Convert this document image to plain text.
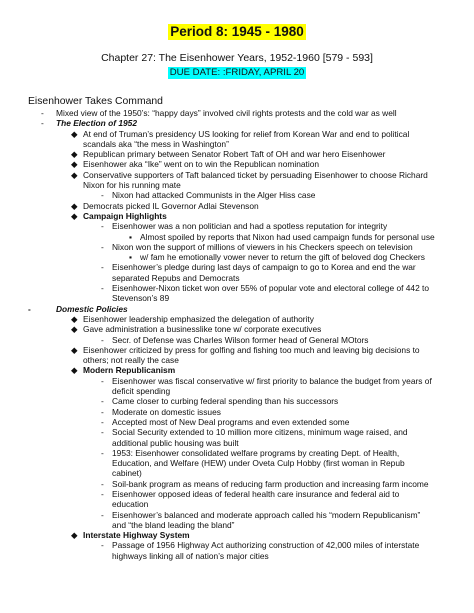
Period 8: 1945 - 1980
Chapter 27: The Eisenhower Years, 1952-1960 [579 - 593]
DUE DATE: :FRIDAY, APRIL 20
Eisenhower Takes Command
- Mixed view of the 1950’s: “happy days” involved civil rights protests and the cold war as well
- The Election of 1952
◆ At end of Truman’s presidency US looking for relief from Korean War and end to political scandals aka “the mess in Washington”
◆ Republican primary between Senator Robert Taft of OH and war hero Eisenhower
◆ Eisenhower aka “Ike” went on to win the Republican nomination
◆ Conservative supporters of Taft balanced ticket by persuading Eisenhower to choose Richard Nixon for his running mate
- Nixon had attacked Communists in the Alger Hiss case
◆ Democrats picked IL Governor Adlai Stevenson
◆ Campaign Highlights
- Eisenhower was a non politician and had a spotless reputation for integrity
▪ Almost spoiled by reports that Nixon had used campaign funds for personal use
- Nixon won the support of millions of viewers in his Checkers speech on television
▪ w/ fam he emotionally vower never to return the gift of beloved dog Checkers
- Eisenhower’s pledge during last days of campaign to go to Korea and end the war separated Repubs and Democrats
- Eisenhower-Nixon ticket won over 55% of popular vote and electoral college of 442 to Stevenson’s 89
-	Domestic Policies
◆ Eisenhower leadership emphasized the delegation of authority
◆ Gave administration a businesslike tone w/ corporate executives
- Secr. of Defense was Charles Wilson former head of General MOtors
◆ Eisenhower criticized by press for golfing and fishing too much and leaving big decisions to others; not really the case
◆ Modern Republicanism
- Eisenhower was fiscal conservative w/ first priority to balance the budget from years of deficit spending
- Came closer to curbing federal spending than his successors
- Moderate on domestic issues
- Accepted most of New Deal programs and even extended some
- Social Security extended to 10 million more citizens, minimum wage raised, and additional public housing was built
- 1953: Eisenhower consolidated welfare programs by creating Dept. of Health, Education, and Welfare (HEW) under Oveta Culp Hobby (first woman in Repub cabinet)
- Soil-bank program as means of reducing farm production and increasing farm income
- Eisenhower opposed ideas of federal health care insurance and federal aid to education
- Eisenhower’s balanced and moderate approach called his “modern Republicanism” and “the bland leading the bland”
◆ Interstate Highway System
- Passage of 1956 Highway Act authorizing construction of 42,000 miles of interstate highways linking all of nation’s major cities
